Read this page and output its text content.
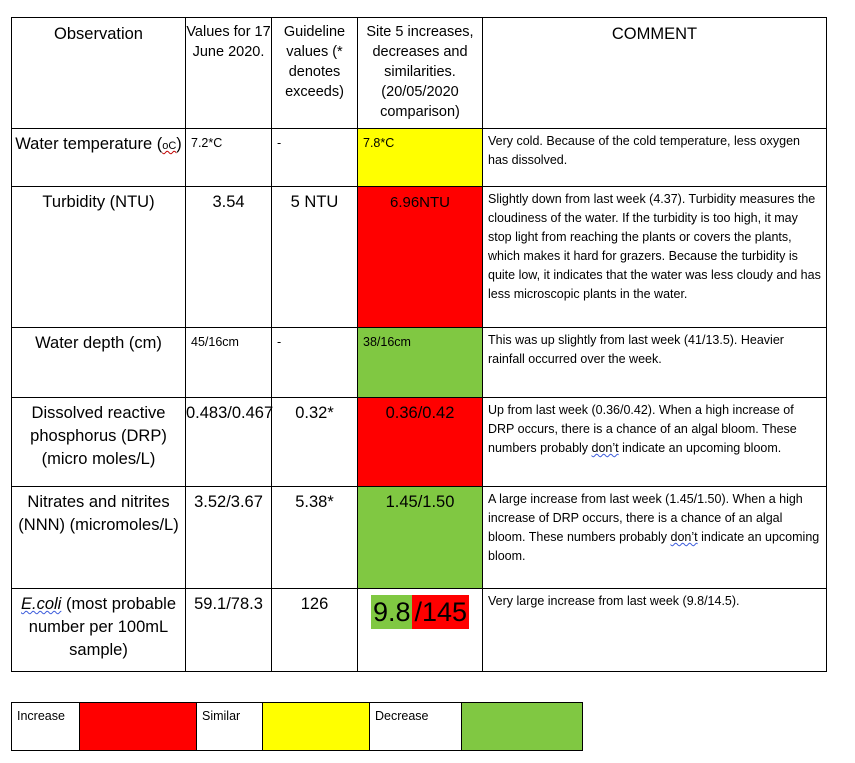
Observation	Values for 17 June 2020.	Guideline values (* denotes exceeds)	Site 5 increases, decreases and similarities. (20/05/2020 comparison)	COMMENT
Water temperature (oC)	7.2*C	-	7.8*C	Very cold. Because of the cold temperature, less oxygen has dissolved.
Turbidity (NTU)	3.54	5 NTU	6.96NTU	Slightly down from last week (4.37). Turbidity measures the cloudiness of the water. If the turbidity is too high, it may stop light from reaching the plants or covers the plants, which makes it hard for grazers. Because the turbidity is quite low, it indicates that the water was less cloudy and has less microscopic plants in the water.
Water depth (cm)	45/16cm	-	38/16cm	This was up slightly from last week (41/13.5). Heavier rainfall occurred over the week.
Dissolved reactive phosphorus (DRP) (micro moles/L)	0.483/0.467	0.32*	0.36/0.42	Up from last week (0.36/0.42). When a high increase of DRP occurs, there is a chance of an algal bloom. These numbers probably don’t indicate an upcoming bloom.
Nitrates and nitrites (NNN) (micromoles/L)	3.52/3.67	5.38*	1.45/1.50	A large increase from last week (1.45/1.50). When a high increase of DRP occurs, there is a chance of an algal bloom. These numbers probably don’t indicate an upcoming bloom.
E.coli (most probable number per 100mL sample)	59.1/78.3	126	9.8 /145	Very large increase from last week (9.8/14.5).
Increase		Similar		Decrease	
